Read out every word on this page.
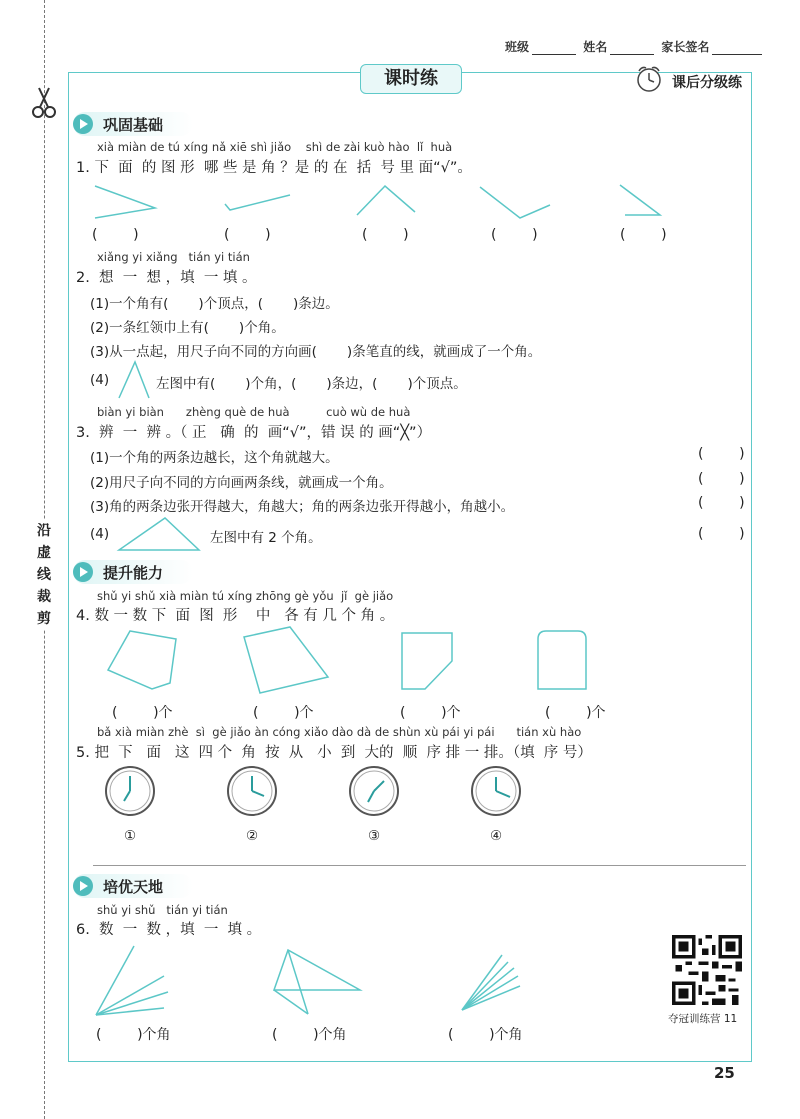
班级	姓名	家长签名
沿虚线裁剪
课时练	课后分级练
巩固基础
xià miàn de tú xíng nǎ xiē shì jiǎo    shì de zài kuò hào  lǐ  huà
1. 下  面  的 图 形  哪 些 是 角 ？是 的 在  括  号 里 面“√”。
(        )	(        )	(        )	(        )	(        )
xiǎng yi xiǎng   tián yi tián
2.  想  一  想 ，填  一 填 。
(1)一个角有(       )个顶点，(       )条边。
(2)一条红领巾上有(       )个角。
(3)从一点起，用尺子向不同的方向画(       )条笔直的线，就画成了一个角。
(4)	左图中有(       )个角，(       )条边，(       )个顶点。
biàn yi biàn      zhèng què de huà          cuò wù de huà
3.  辨  一  辨 。（ 正   确  的  画“√”，错 误 的 画“╳”）
(1)一个角的两条边越长，这个角就越大。	(        )
(2)用尺子向不同的方向画两条线，就画成一个角。	(        )
(3)角的两条边张开得越大，角越大；角的两条边张开得越小，角越小。	(        )
(4)	左图中有 2 个角。	(        )
提升能力
shǔ yi shǔ xià miàn tú xíng zhōng gè yǒu  jǐ  gè jiǎo
4. 数 一 数 下  面  图  形    中   各 有 几 个 角 。
(        )个	(        )个	(        )个	(        )个
bǎ xià miàn zhè  sì  gè jiǎo àn cóng xiǎo dào dà de shùn xù pái yi pái      tián xù hào
5. 把  下   面   这  四 个  角  按  从   小  到  大的  顺  序 排 一 排。（填  序 号）
①	②	③	④
培优天地
shǔ yi shǔ   tián yi tián
6.  数  一  数 ，填  一  填 。
(        )个角	(        )个角	(        )个角
夺冠训练营 11
25
